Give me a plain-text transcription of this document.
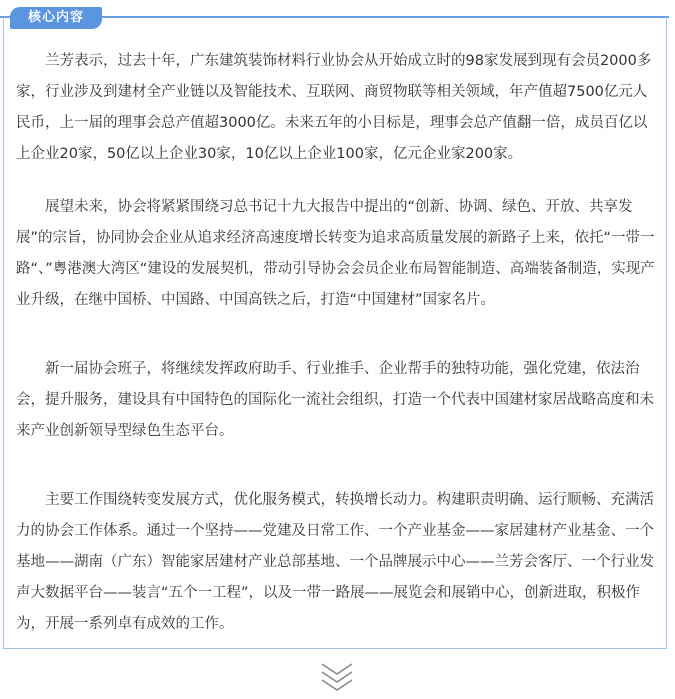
核心内容

兰芳表示，过去十年，广东建筑装饰材料行业协会从开始成立时的98家发展到现有会员2000多家，行业涉及到建材全产业链以及智能技术、互联网、商贸物联等相关领域，年产值超7500亿元人民币，上一届的理事会总产值超3000亿。未来五年的小目标是，理事会总产值翻一倍，成员百亿以上企业20家，50亿以上企业30家，10亿以上企业100家，亿元企业家200家。

展望未来，协会将紧紧围绕习总书记十九大报告中提出的“创新、协调、绿色、开放、共享发展”的宗旨，协同协会企业从追求经济高速度增长转变为追求高质量发展的新路子上来，依托“一带一路“、”粤港澳大湾区“建设的发展契机，带动引导协会会员企业布局智能制造、高端装备制造，实现产业升级，在继中国桥、中国路、中国高铁之后，打造“中国建材”国家名片。

新一届协会班子，将继续发挥政府助手、行业推手、企业帮手的独特功能，强化党建，依法治会，提升服务，建设具有中国特色的国际化一流社会组织，打造一个代表中国建材家居战略高度和未来产业创新领导型绿色生态平台。

主要工作围绕转变发展方式，优化服务模式，转换增长动力。构建职责明确、运行顺畅、充满活力的协会工作体系。通过一个坚持——党建及日常工作、一个产业基金——家居建材产业基金、一个基地——湖南（广东）智能家居建材产业总部基地、一个品牌展示中心——兰芳会客厅、一个行业发声大数据平台——装言“五个一工程”，以及一带一路展——展览会和展销中心，创新进取，积极作为，开展一系列卓有成效的工作。
